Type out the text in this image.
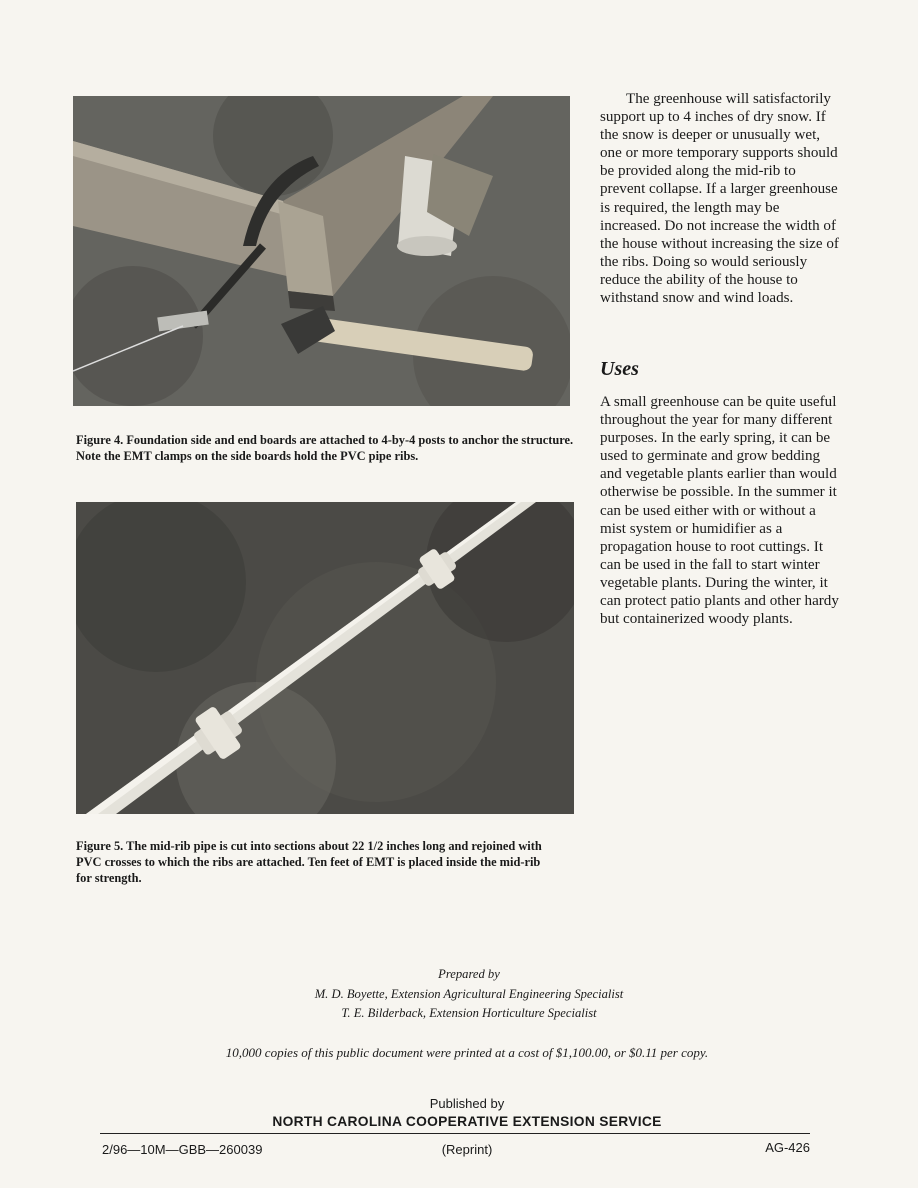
Figure 4. Foundation side and end boards are attached to 4-by-4 posts to anchor the structure. Note the EMT clamps on the side boards hold the PVC pipe ribs.
Figure 5. The mid-rib pipe is cut into sections about 22 1/2 inches long and rejoined with PVC crosses to which the ribs are attached. Ten feet of EMT is placed inside the mid-rib for strength.
The greenhouse will satisfactorily support up to 4 inches of dry snow. If the snow is deeper or unusually wet, one or more temporary supports should be provided along the mid-rib to prevent collapse. If a larger greenhouse is required, the length may be increased. Do not increase the width of the house without increasing the size of the ribs. Doing so would seriously reduce the ability of the house to withstand snow and wind loads.
Uses
A small greenhouse can be quite useful throughout the year for many different purposes. In the early spring, it can be used to germinate and grow bedding and vegetable plants earlier than would otherwise be possible. In the summer it can be used either with or without a mist system or humidifier as a propagation house to root cuttings. It can be used in the fall to start winter vegetable plants. During the winter, it can protect patio plants and other hardy but containerized woody plants.
Prepared by
M. D. Boyette, Extension Agricultural Engineering Specialist
T. E. Bilderback, Extension Horticulture Specialist
10,000 copies of this public document were printed at a cost of $1,100.00, or $0.11 per copy.
Published by
NORTH CAROLINA COOPERATIVE EXTENSION SERVICE
2/96—10M—GBB—260039	(Reprint)	AG-426
